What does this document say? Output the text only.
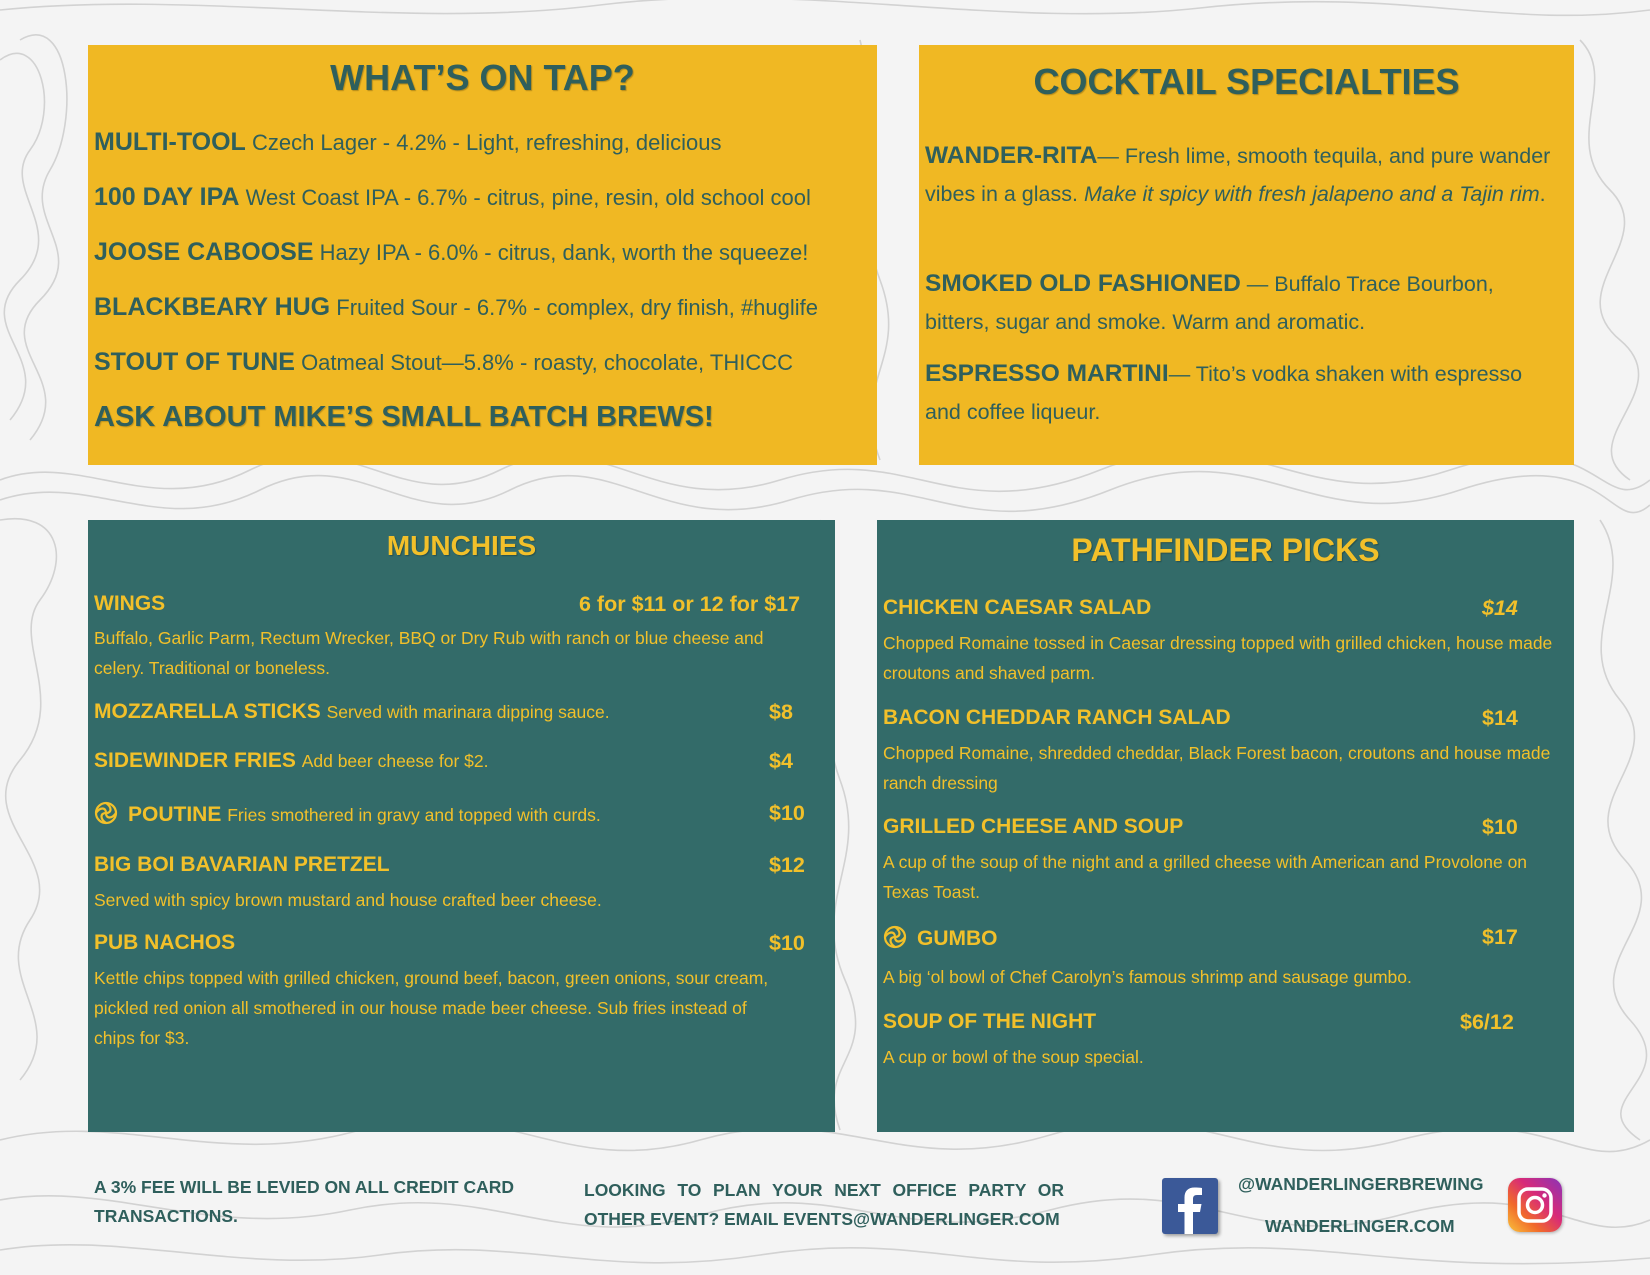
WHAT’S ON TAP?
MULTI-TOOL Czech Lager - 4.2% - Light, refreshing, delicious
100 DAY IPA West Coast IPA - 6.7% - citrus, pine, resin, old school cool
JOOSE CABOOSE Hazy IPA - 6.0% - citrus, dank, worth the squeeze!
BLACKBEARY HUG Fruited Sour - 6.7% - complex, dry finish, #huglife
STOUT OF TUNE Oatmeal Stout—5.8% - roasty, chocolate, THICCC
ASK ABOUT MIKE’S SMALL BATCH BREWS!
COCKTAIL SPECIALTIES
WANDER-RITA— Fresh lime, smooth tequila, and pure wander vibes in a glass. Make it spicy with fresh jalapeno and a Tajin rim.
SMOKED OLD FASHIONED — Buffalo Trace Bourbon, bitters, sugar and smoke. Warm and aromatic.
ESPRESSO MARTINI— Tito’s vodka shaken with espresso and coffee liqueur.
MUNCHIES
WINGS	6 for $11 or 12 for $17
Buffalo, Garlic Parm, Rectum Wrecker, BBQ or Dry Rub with ranch or blue cheese and celery. Traditional or boneless.
MOZZARELLA STICKS Served with marinara dipping sauce.	$8
SIDEWINDER FRIES Add beer cheese for $2.	$4
POUTINE Fries smothered in gravy and topped with curds.	$10
BIG BOI BAVARIAN PRETZEL	$12
Served with spicy brown mustard and house crafted beer cheese.
PUB NACHOS	$10
Kettle chips topped with grilled chicken, ground beef, bacon, green onions, sour cream, pickled red onion all smothered in our house made beer cheese. Sub fries instead of chips for $3.
PATHFINDER PICKS
CHICKEN CAESAR SALAD	$14
Chopped Romaine tossed in Caesar dressing topped with grilled chicken, house made croutons and shaved parm.
BACON CHEDDAR RANCH SALAD	$14
Chopped Romaine, shredded cheddar, Black Forest bacon, croutons and house made ranch dressing
GRILLED CHEESE AND SOUP	$10
A cup of the soup of the night and a grilled cheese with American and Provolone on Texas Toast.
GUMBO	$17
A big ‘ol bowl of Chef Carolyn’s famous shrimp and sausage gumbo.
SOUP OF THE NIGHT	$6/12
A cup or bowl of the soup special.
A 3% FEE WILL BE LEVIED ON ALL CREDIT CARD TRANSACTIONS.
LOOKING TO PLAN YOUR NEXT OFFICE PARTY OR OTHER EVENT? EMAIL EVENTS@WANDERLINGER.COM
@WANDERLINGERBREWING
WANDERLINGER.COM
